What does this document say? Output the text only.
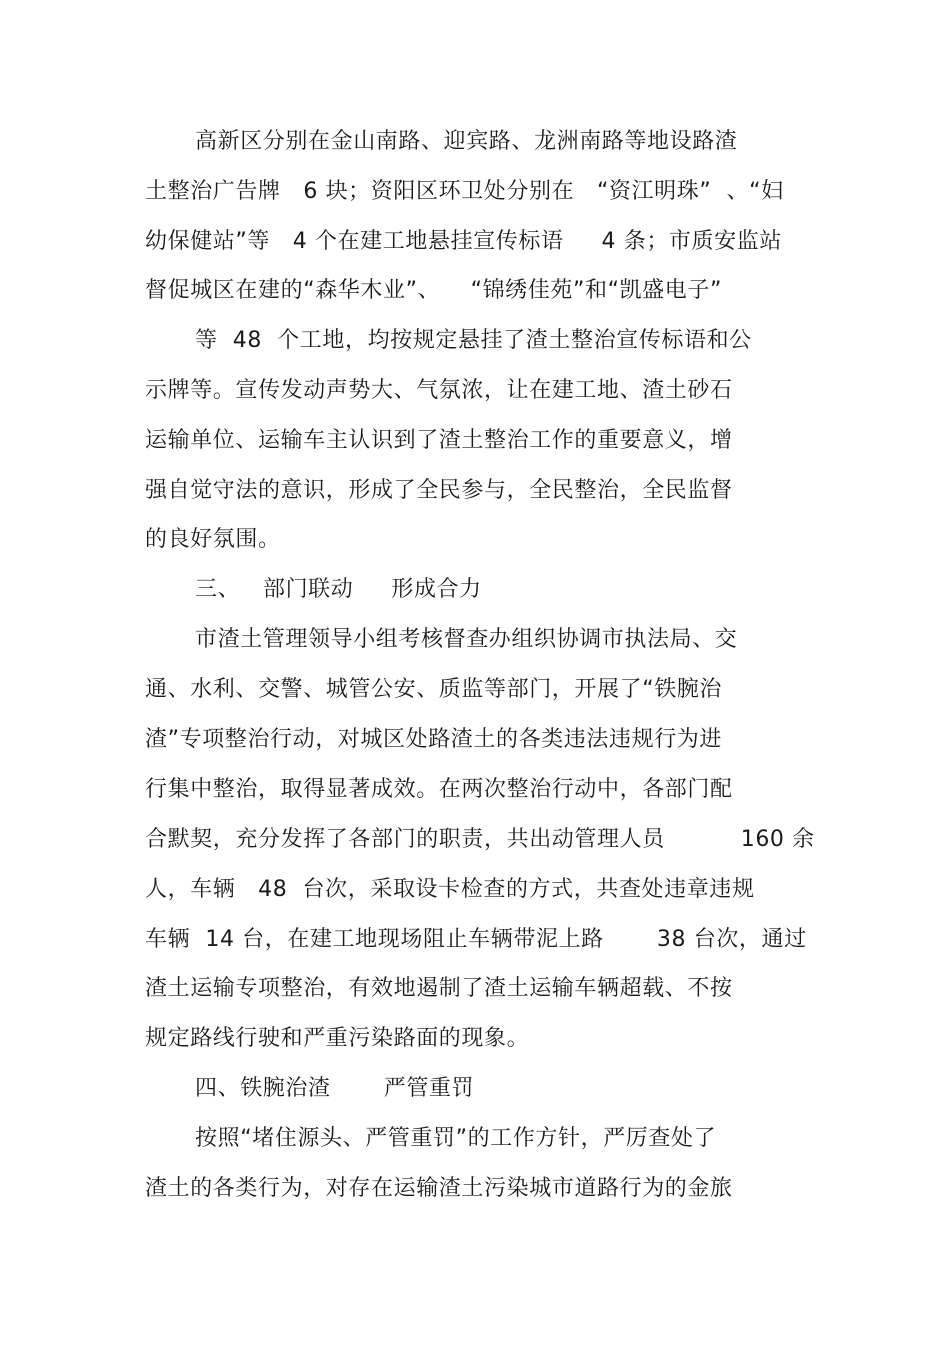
高新区分别在金山南路、迎宾路、龙洲南路等地设路渣
土整治广告牌   6 块；资阳区环卫处分别在   “资江明珠”  、“妇
幼保健站”等   4 个在建工地悬挂宣传标语     4 条；市质安监站
督促城区在建的“森华木业”、    “锦绣佳苑”和“凯盛电子”
等  48  个工地，均按规定悬挂了渣土整治宣传标语和公
示牌等。宣传发动声势大、气氛浓，让在建工地、渣土砂石
运输单位、运输车主认识到了渣土整治工作的重要意义，增
强自觉守法的意识，形成了全民参与，全民整治，全民监督
的良好氛围。
三、   部门联动     形成合力
市渣土管理领导小组考核督查办组织协调市执法局、交
通、水利、交警、城管公安、质监等部门，开展了“铁腕治
渣”专项整治行动，对城区处路渣土的各类违法违规行为进
行集中整治，取得显著成效。在两次整治行动中，各部门配
合默契，充分发挥了各部门的职责，共出动管理人员          160 余
人，车辆   48  台次，采取设卡检查的方式，共查处违章违规
车辆  14 台，在建工地现场阻止车辆带泥上路       38 台次，通过
渣土运输专项整治，有效地遏制了渣土运输车辆超载、不按
规定路线行驶和严重污染路面的现象。
四、铁腕治渣       严管重罚
按照“堵住源头、严管重罚”的工作方针，严厉查处了
渣土的各类行为，对存在运输渣土污染城市道路行为的金旅
